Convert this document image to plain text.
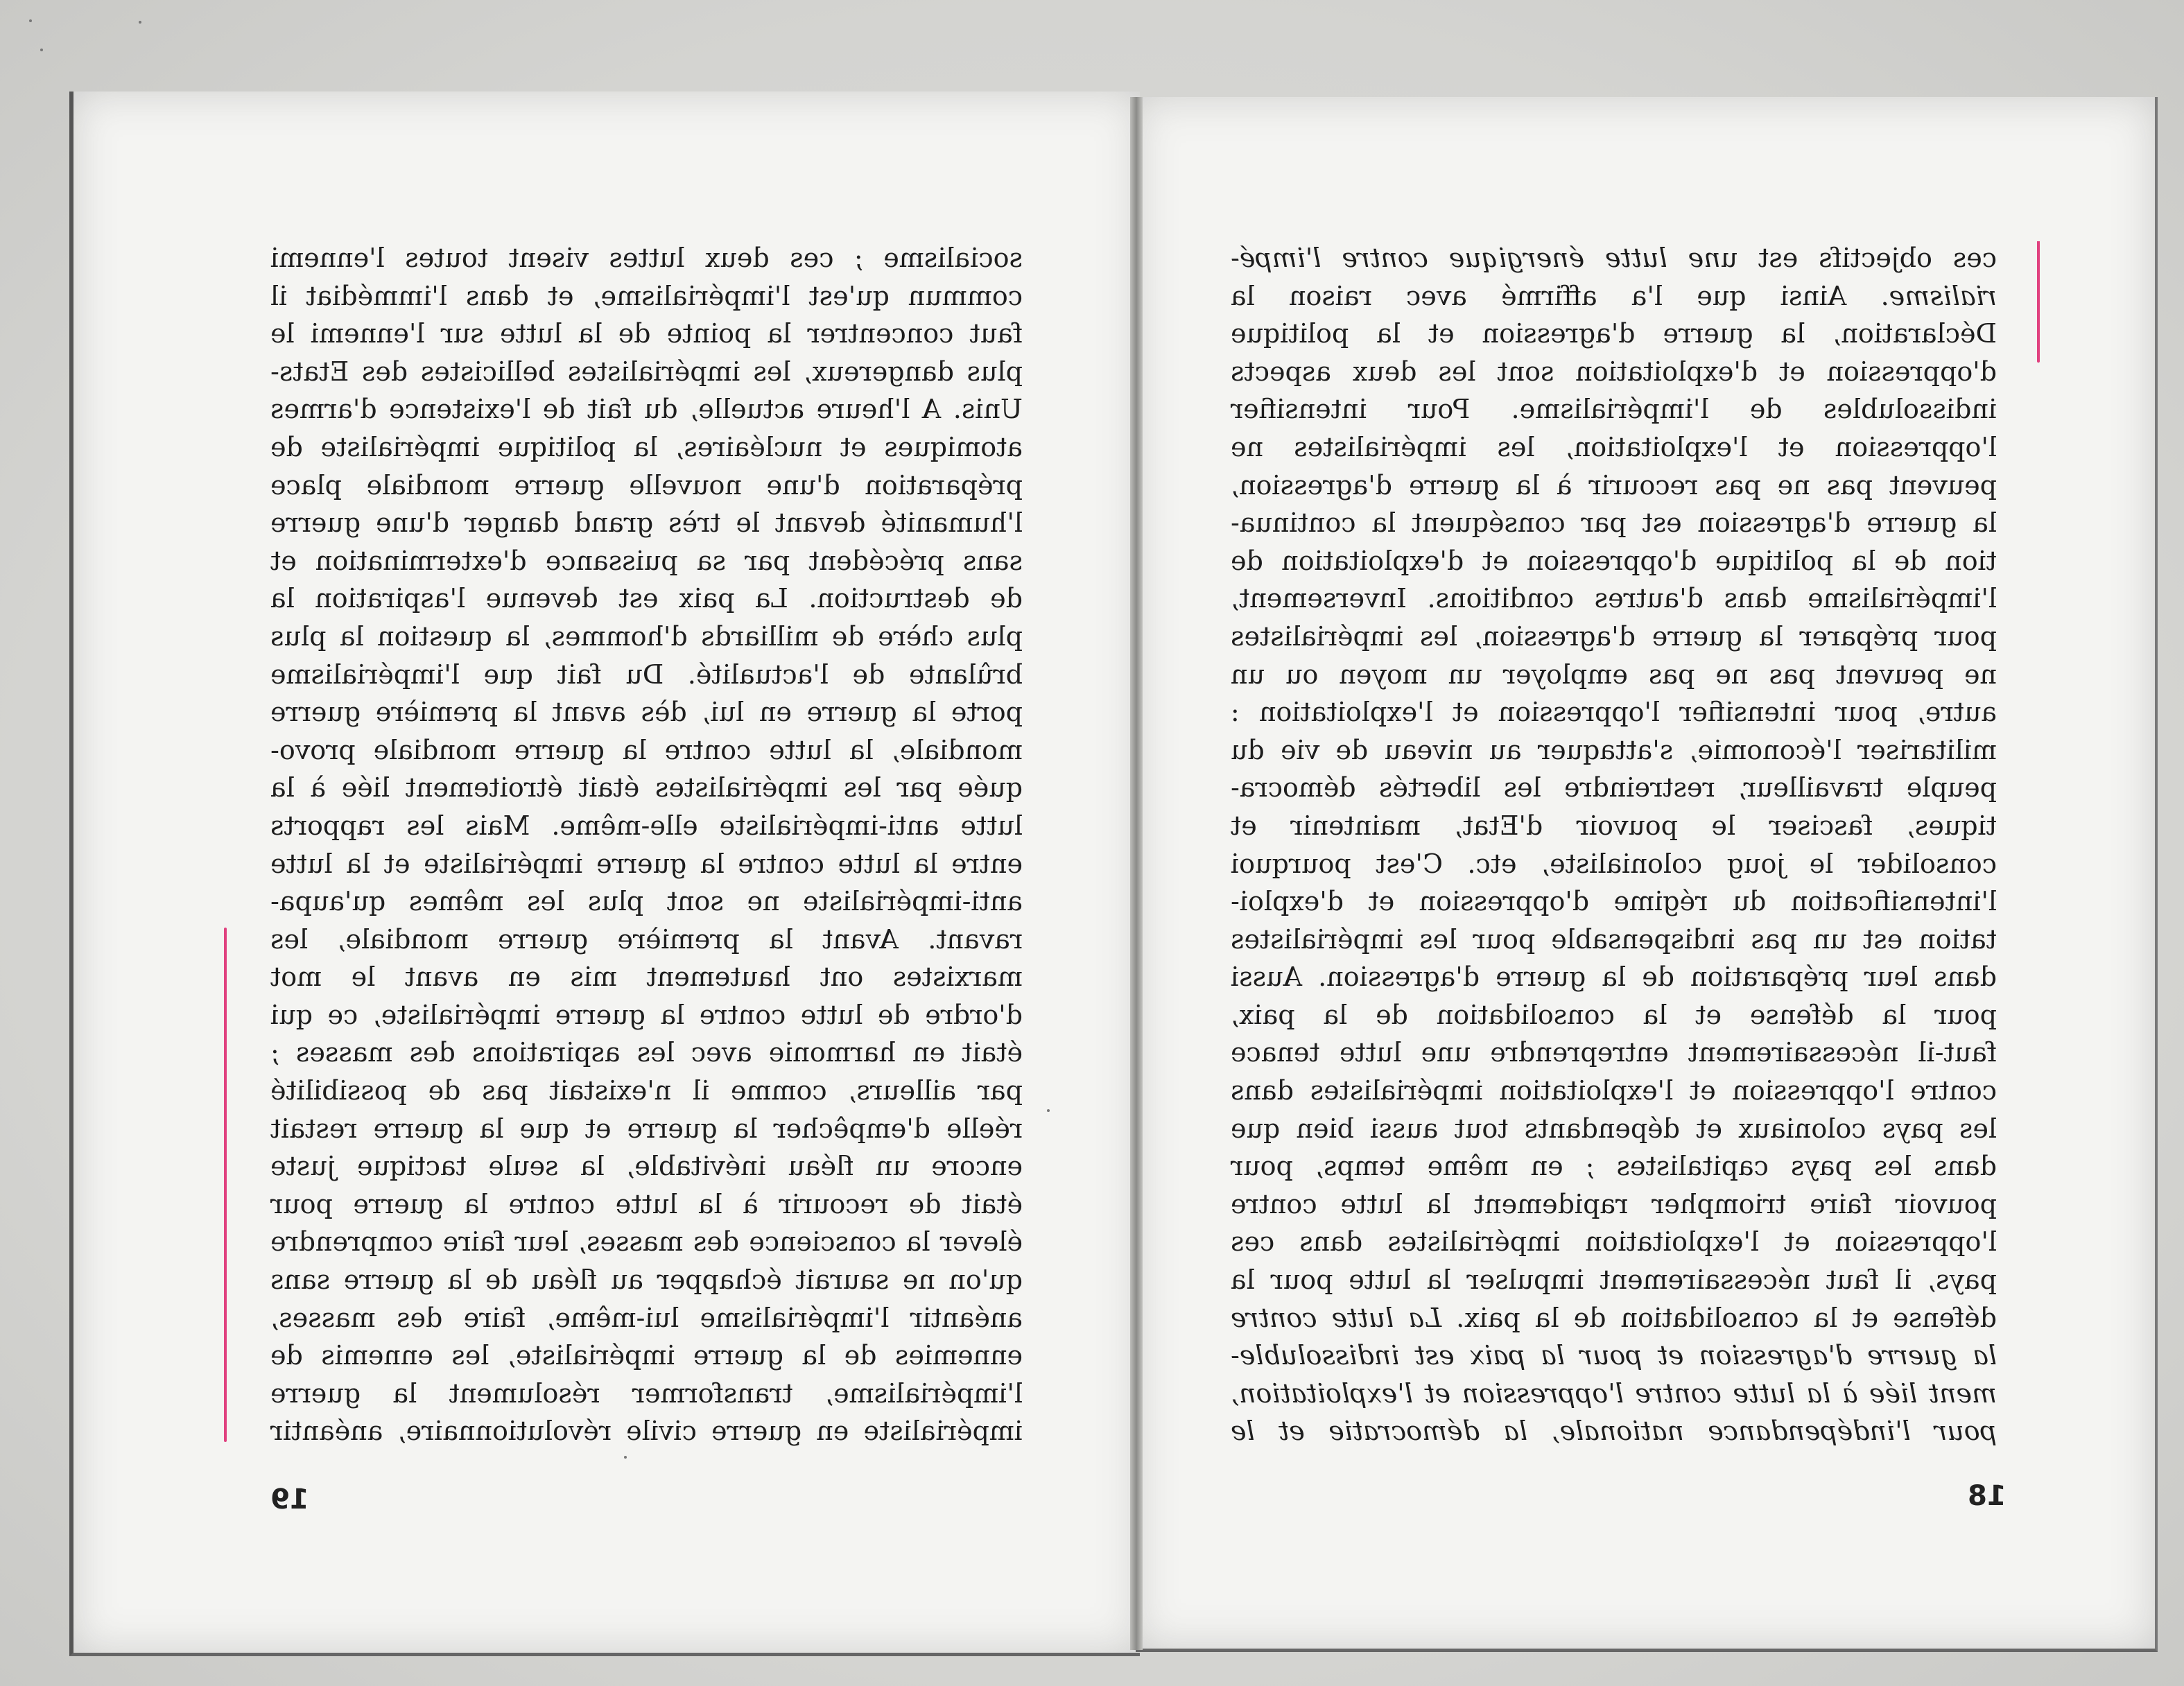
socialisme ; ces deux luttes visent toutes l'ennemi

commun qu'est l'impérialisme, et dans l'immédiat il

faut concentrer la pointe de la lutte sur l'ennemi le

plus dangereux, les impérialistes bellicistes des Etats-

Unis. A l'heure actuelle, du fait de l'existence d'armes

atomiques et nucléaires, la politique impérialiste de

préparation d'une nouvelle guerre mondiale place

l'humanité devant le très grand danger d'une guerre

sans précédent par sa puissance d'extermination et

de destruction. La paix est devenue l'aspiration la

plus chère de milliards d'hommes, la question la plus

brûlante de l'actualité. Du fait que l'impérialisme

porte la guerre en lui, dès avant la première guerre

mondiale, la lutte contre la guerre mondiale provo-

quée par les impérialistes était étroitement liée à la

lutte anti-impérialiste elle-même. Mais les rapports

entre la lutte contre la guerre impérialiste et la lutte

anti-impérialiste ne sont plus les mêmes qu'aupa-

ravant. Avant la première guerre mondiale, les

marxistes ont hautement mis en avant le mot

d'ordre de lutte contre la guerre impérialiste, ce qui

était en harmonie avec les aspirations des masses ;

par ailleurs, comme il n'existait pas de possibilité

réelle d'empêcher la guerre et que la guerre restait

encore un fléau inévitable, la seule tactique juste

était de recourir à la lutte contre la guerre pour

élever la conscience des masses, leur faire comprendre

qu'on ne saurait échapper au fléau de la guerre sans

anéantir l'impérialisme lui-même, faire des masses,

ennemies de la guerre impérialiste, les ennemis de

l'impérialisme, transformer résolument la guerre

impérialiste en guerre civile révolutionnaire, anéantir

ces objectifs est une lutte énergique contre l'impé-

rialisme. Ainsi que l'a affirmé avec raison la

Déclaration, la guerre d'agression et la politique

d'oppression et d'exploitation sont les deux aspects

indissolubles de l'impérialisme. Pour intensifier

l'oppression et l'exploitation, les impérialistes ne

peuvent pas ne pas recourir à la guerre d'agression,

la guerre d'agression est par conséquent la continua-

tion de la politique d'oppression et d'exploitation de

l'impérialisme dans d'autres conditions. Inversement,

pour préparer la guerre d'agression, les impérialistes

ne peuvent pas ne pas employer un moyen ou un

autre, pour intensifier l'oppression et l'exploitation :

militariser l'économie, s'attaquer au niveau de vie du

peuple travailleur, restreindre les libertés démocra-

tiques, fasciser le pouvoir d'Etat, maintenir et

consolider le joug colonialiste, etc. C'est pourquoi

l'intensification du régime d'oppression et d'exploi-

tation est un pas indispensable pour les impérialistes

dans leur préparation de la guerre d'agression. Aussi

pour la défense et la consolidation de la paix,

faut-il nécessairement entreprendre une lutte tenace

contre l'oppression et l'exploitation impérialistes dans

les pays coloniaux et dépendants tout aussi bien que

dans les pays capitalistes ; en même temps, pour

pouvoir faire triompher rapidement la lutte contre

l'oppression et l'exploitation impérialistes dans ces

pays, il faut nécessairement impulser la lutte pour la

défense et la consolidation de la paix. La lutte contre

la guerre d'agression et pour la paix est indissoluble-

ment liée à la lutte contre l'oppression et l'exploitation,

pour l'indépendance nationale, la démocratie et le

19	18
